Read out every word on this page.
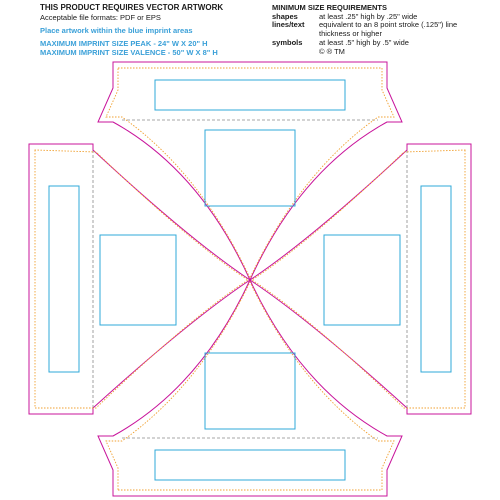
THIS PRODUCT REQUIRES VECTOR ARTWORK
Acceptable file formats: PDF or EPS
Place artwork within the blue imprint areas
MAXIMUM IMPRINT SIZE PEAK - 24" W X 20" H
MAXIMUM IMPRINT SIZE VALENCE - 50" W X 8" H
MINIMUM SIZE REQUIREMENTS
shapes	at least .25" high by .25" wide
lines/text equivalent to an 8 point stroke (.125") line
thickness or higher
symbols at least .5" high by .5" wide
© ® TM
